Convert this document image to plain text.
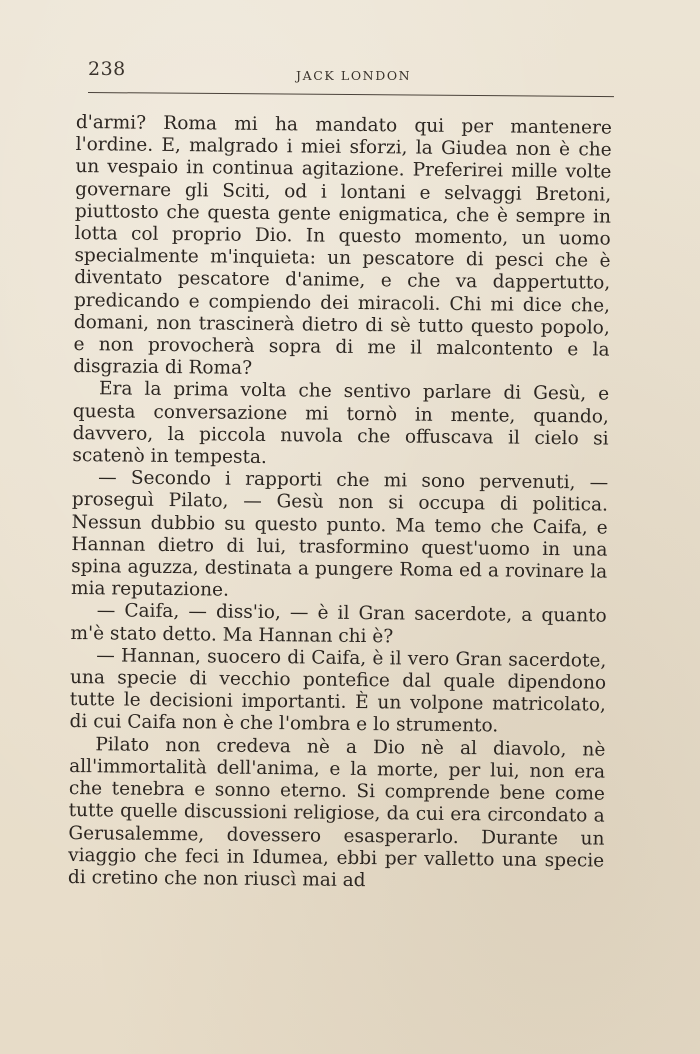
238	JACK LONDON

d'armi? Roma mi ha mandato qui per mantenere l'ordine. E, malgrado i miei sforzi, la Giudea non è che un vespaio in continua agitazione. Preferirei mille volte governare gli Sciti, od i lontani e selvaggi Bretoni, piuttosto che questa gente enigmatica, che è sempre in lotta col proprio Dio. In questo momento, un uomo specialmente m'inquieta: un pescatore di pesci che è diventato pescatore d'anime, e che va dappertutto, predicando e compiendo dei miracoli. Chi mi dice che, domani, non trascinerà dietro di sè tutto questo popolo, e non provocherà sopra di me il malcontento e la disgrazia di Roma?

Era la prima volta che sentivo parlare di Gesù, e questa conversazione mi tornò in mente, quando, davvero, la piccola nuvola che offuscava il cielo si scatenò in tempesta.

— Secondo i rapporti che mi sono pervenuti, — proseguì Pilato, — Gesù non si occupa di politica. Nessun dubbio su questo punto. Ma temo che Caifa, e Hannan dietro di lui, trasformino quest'uomo in una spina aguzza, destinata a pungere Roma ed a rovinare la mia reputazione.

— Caifa, — diss'io, — è il Gran sacerdote, a quanto m'è stato detto. Ma Hannan chi è?

— Hannan, suocero di Caifa, è il vero Gran sacerdote, una specie di vecchio pontefice dal quale dipendono tutte le decisioni importanti. È un volpone matricolato, di cui Caifa non è che l'ombra e lo strumento.

Pilato non credeva nè a Dio nè al diavolo, nè all'immortalità dell'anima, e la morte, per lui, non era che tenebra e sonno eterno. Si comprende bene come tutte quelle discussioni religiose, da cui era circondato a Gerusalemme, dovessero esasperarlo. Durante un viaggio che feci in Idumea, ebbi per valletto una specie di cretino che non riuscì mai ad
